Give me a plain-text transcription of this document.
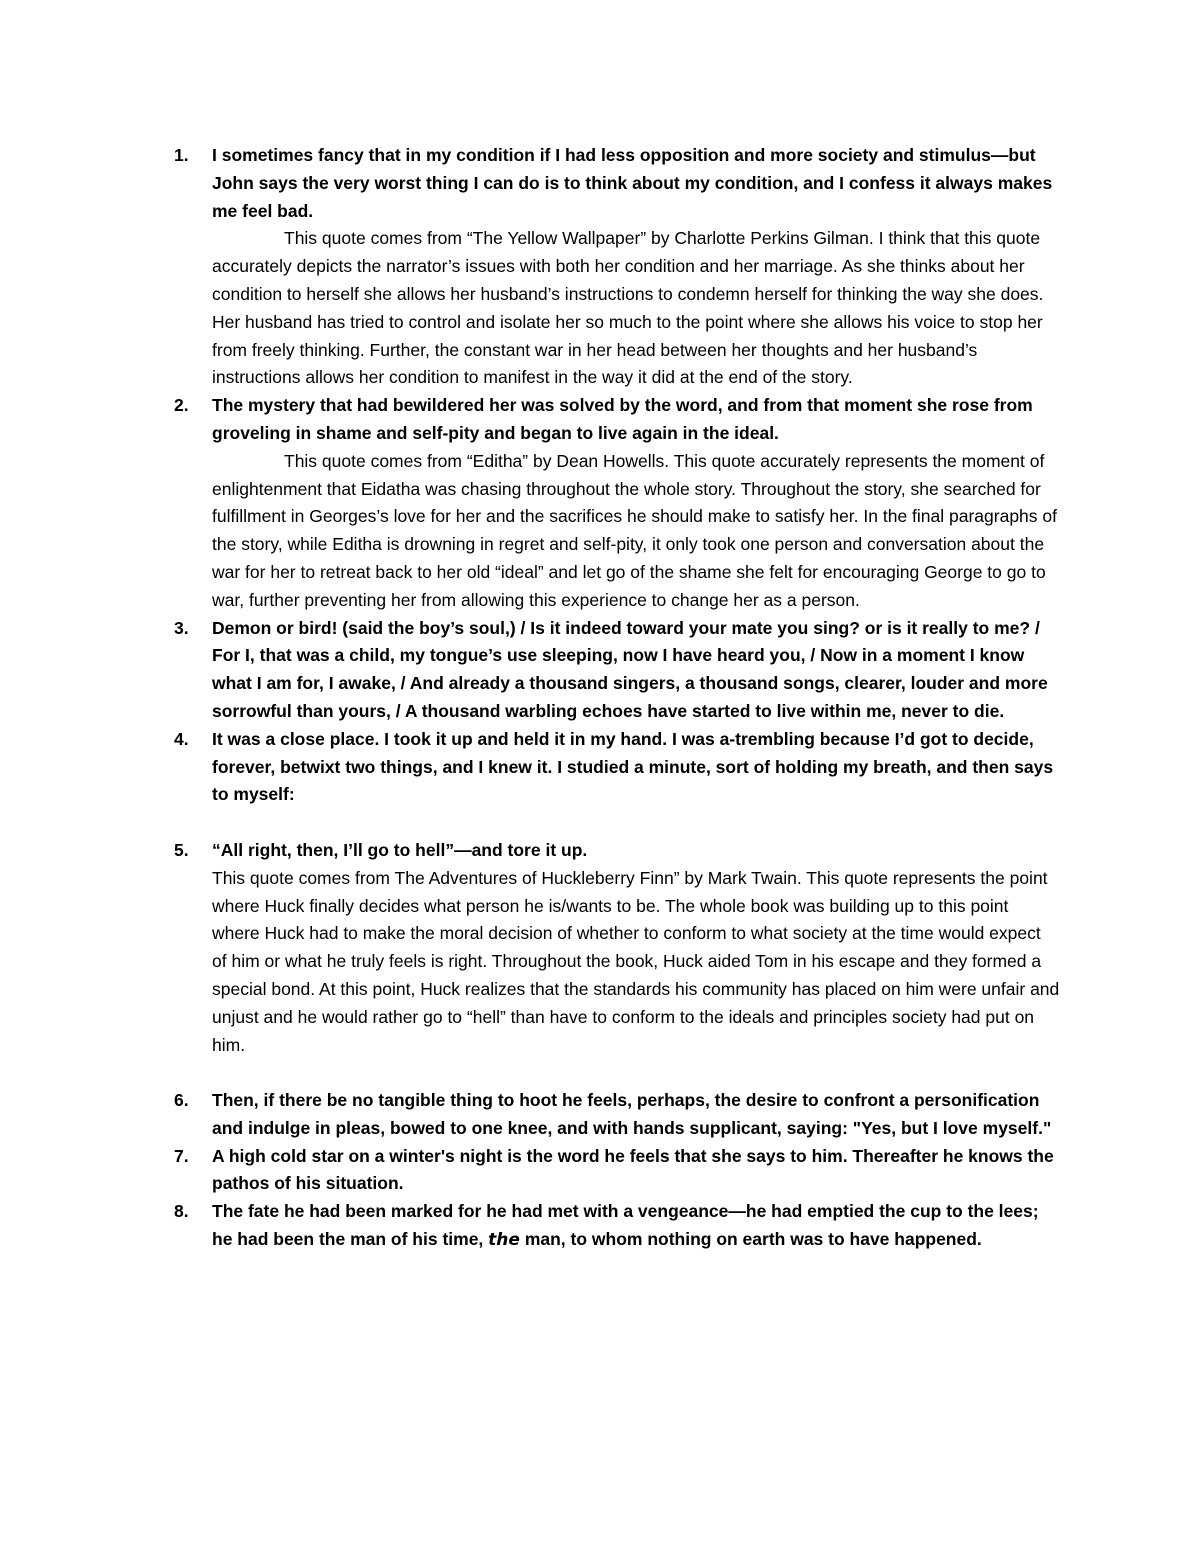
1.	I sometimes fancy that in my condition if I had less opposition and more society and stimulus—but John says the very worst thing I can do is to think about my condition, and I confess it always makes me feel bad.

This quote comes from “The Yellow Wallpaper” by Charlotte Perkins Gilman. I think that this quote accurately depicts the narrator’s issues with both her condition and her marriage. As she thinks about her condition to herself she allows her husband’s instructions to condemn herself for thinking the way she does. Her husband has tried to control and isolate her so much to the point where she allows his voice to stop her from freely thinking. Further, the constant war in her head between her thoughts and her husband’s instructions allows her condition to manifest in the way it did at the end of the story.

2.	The mystery that had bewildered her was solved by the word, and from that moment she rose from groveling in shame and self-pity and began to live again in the ideal.

This quote comes from “Editha” by Dean Howells. This quote accurately represents the moment of enlightenment that Eidatha was chasing throughout the whole story. Throughout the story, she searched for fulfillment in Georges’s love for her and the sacrifices he should make to satisfy her. In the final paragraphs of the story, while Editha is drowning in regret and self-pity, it only took one person and conversation about the war for her to retreat back to her old “ideal” and let go of the shame she felt for encouraging George to go to war, further preventing her from allowing this experience to change her as a person.

3.	Demon or bird! (said the boy’s soul,) / Is it indeed toward your mate you sing? or is it really to me? / For I, that was a child, my tongue’s use sleeping, now I have heard you, / Now in a moment I know what I am for, I awake, / And already a thousand singers, a thousand songs, clearer, louder and more sorrowful than yours, / A thousand warbling echoes have started to live within me, never to die.

4.	It was a close place. I took it up and held it in my hand. I was a-trembling because I’d got to decide, forever, betwixt two things, and I knew it. I studied a minute, sort of holding my breath, and then says to myself:

5.	“All right, then, I’ll go to hell”—and tore it up.

This quote comes from The Adventures of Huckleberry Finn” by Mark Twain. This quote represents the point where Huck finally decides what person he is/wants to be. The whole book was building up to this point where Huck had to make the moral decision of whether to conform to what society at the time would expect of him or what he truly feels is right. Throughout the book, Huck aided Tom in his escape and they formed a special bond. At this point, Huck realizes that the standards his community has placed on him were unfair and unjust and he would rather go to “hell” than have to conform to the ideals and principles society had put on him.

6.	Then, if there be no tangible thing to hoot he feels, perhaps, the desire to confront a personification and indulge in pleas, bowed to one knee, and with hands supplicant, saying: "Yes, but I love myself."

7.	A high cold star on a winter's night is the word he feels that she says to him. Thereafter he knows the pathos of his situation.

8.	The fate he had been marked for he had met with a vengeance—he had emptied the cup to the lees; he had been the man of his time, the man, to whom nothing on earth was to have happened.
